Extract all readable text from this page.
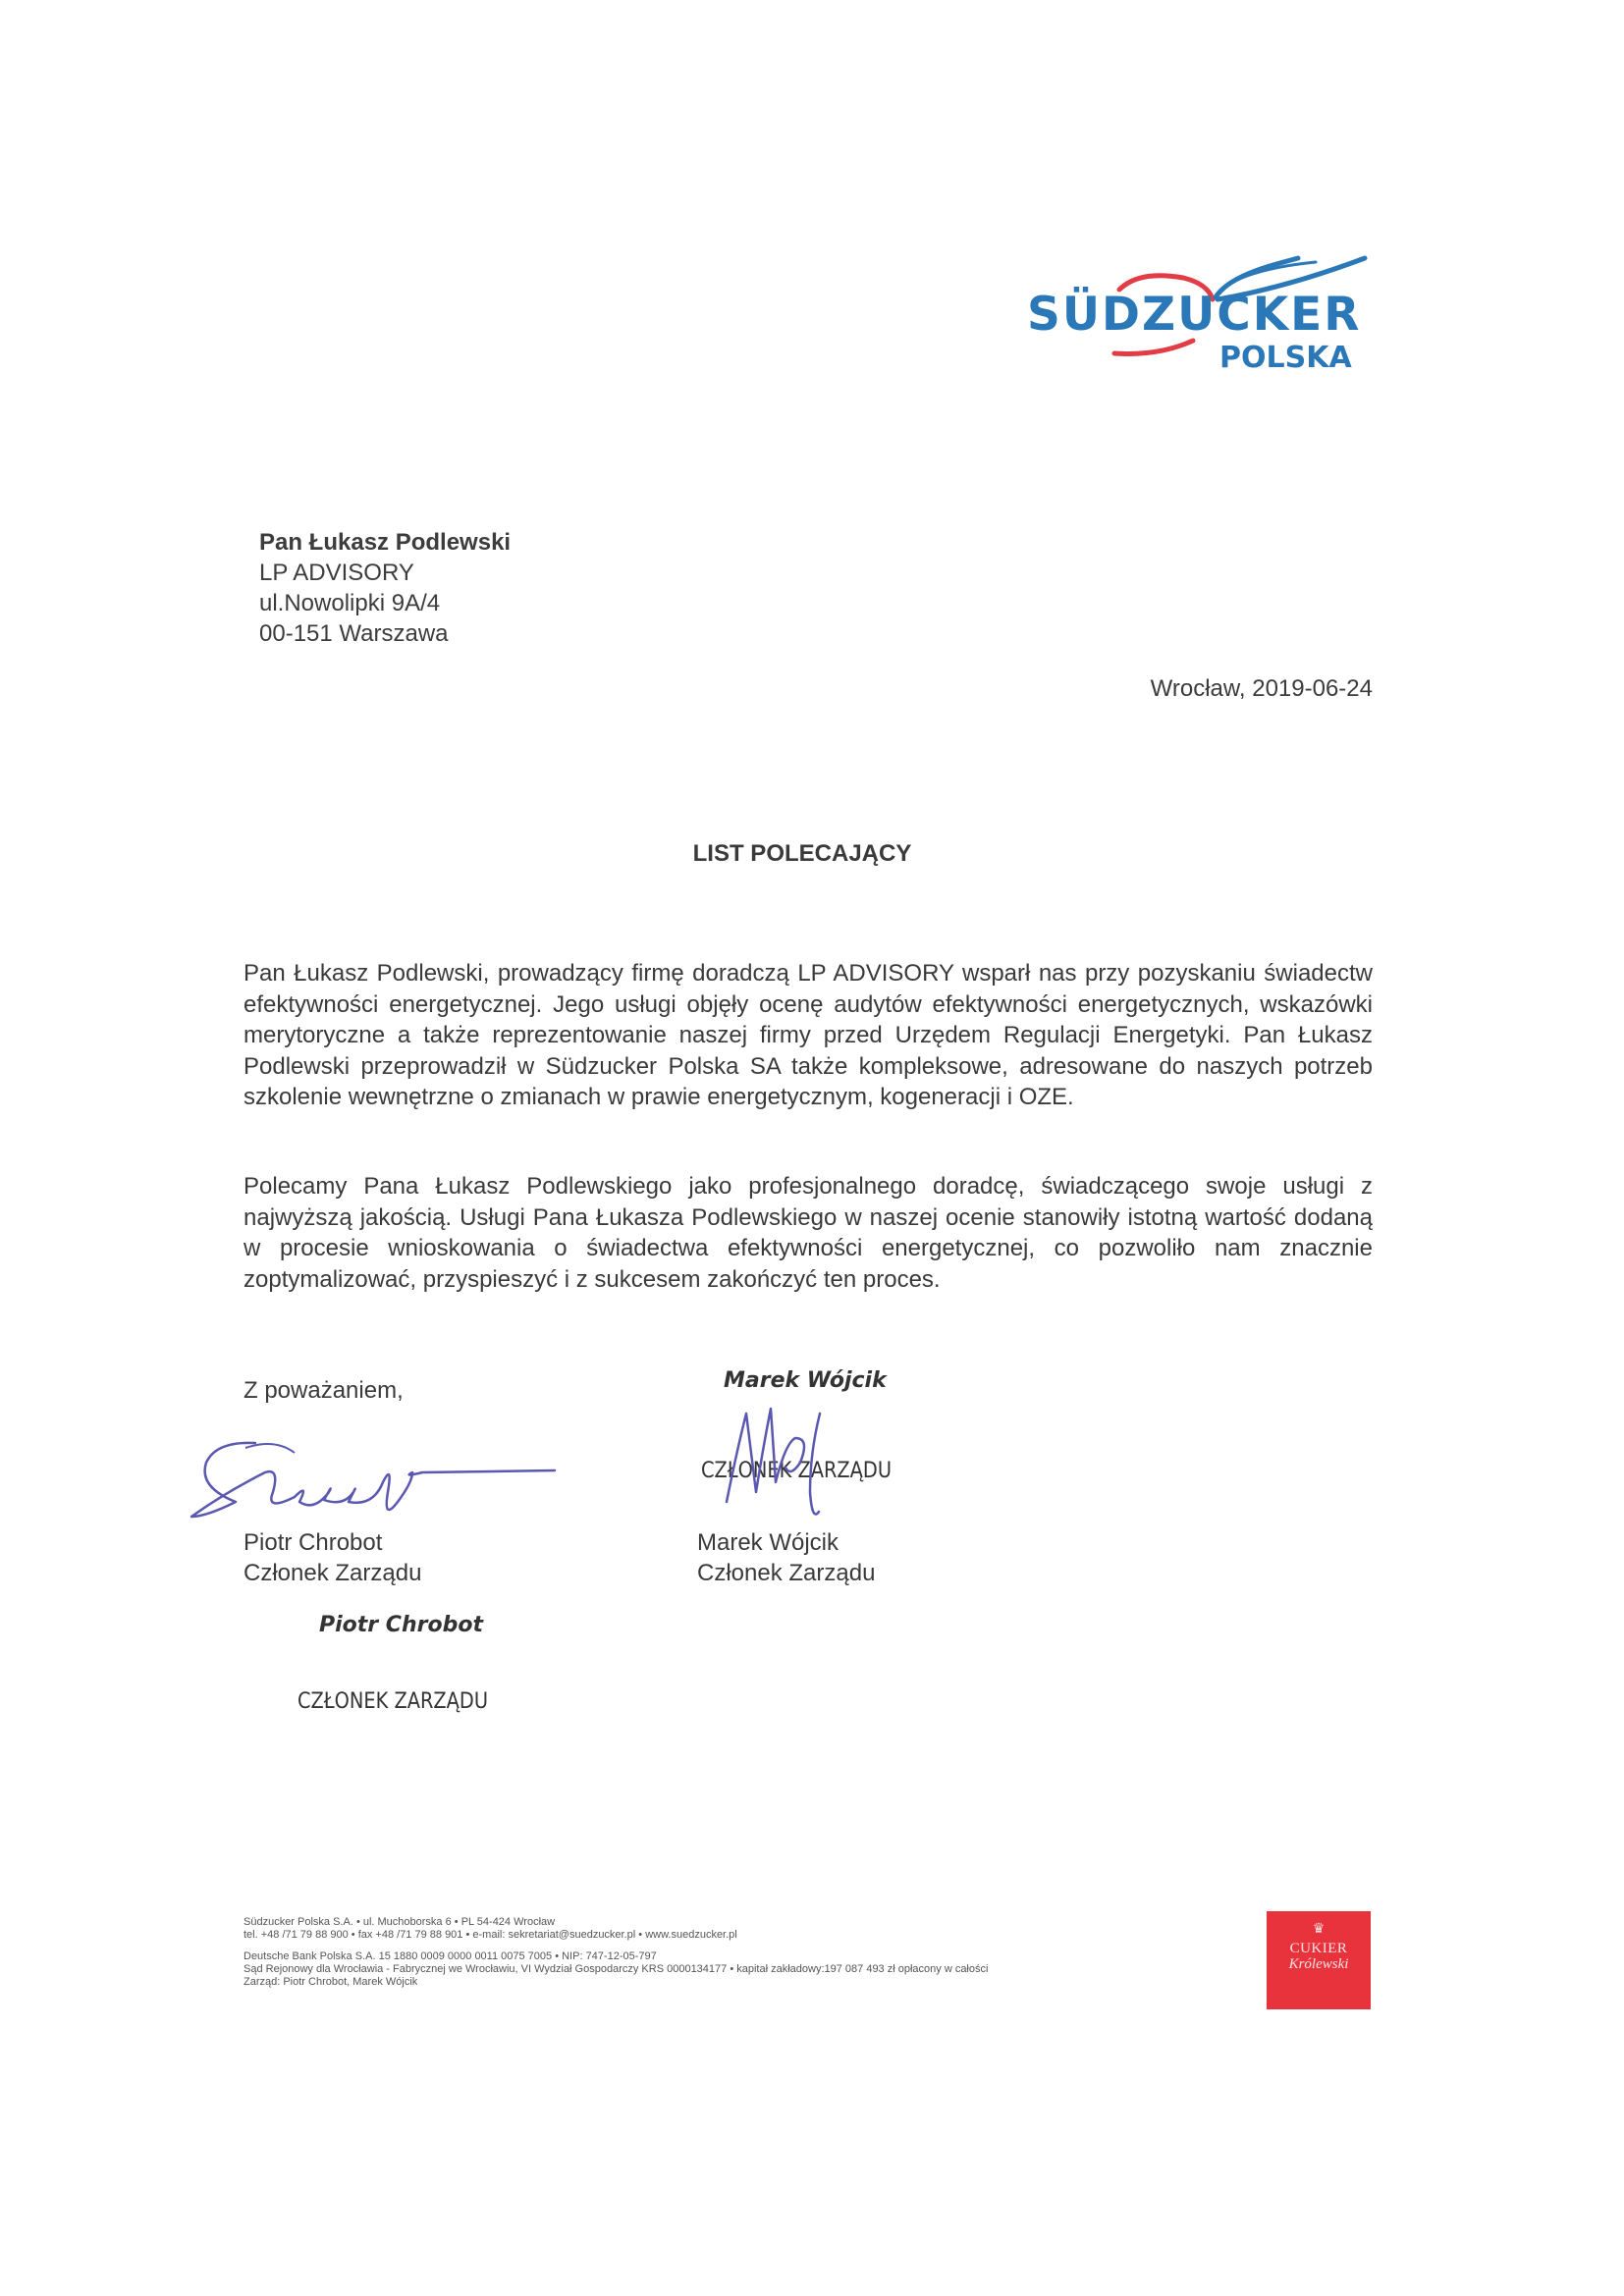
SÜDZUCKER
POLSKA
Pan Łukasz Podlewski
LP ADVISORY
ul.Nowolipki 9A/4
00-151 Warszawa
Wrocław, 2019-06-24
LIST POLECAJĄCY
Pan Łukasz Podlewski, prowadzący firmę doradczą LP ADVISORY wsparł nas przy pozyskaniu świadectw efektywności energetycznej. Jego usługi objęły ocenę audytów efektywności energetycznych, wskazówki merytoryczne a także reprezentowanie naszej firmy przed Urzędem Regulacji Energetyki. Pan Łukasz Podlewski przeprowadził w Südzucker Polska SA także kompleksowe, adresowane do naszych potrzeb szkolenie wewnętrzne o zmianach w prawie energetycznym, kogeneracji i OZE.
Polecamy Pana Łukasz Podlewskiego jako profesjonalnego doradcę, świadczącego swoje usługi z najwyższą jakością. Usługi Pana Łukasza Podlewskiego w naszej ocenie stanowiły istotną wartość dodaną w procesie wnioskowania o świadectwa efektywności energetycznej, co pozwoliło nam znacznie zoptymalizować, przyspieszyć i z sukcesem zakończyć ten proces.
Z poważaniem,
Piotr Chrobot
Członek Zarządu
Piotr Chrobot
CZŁONEK ZARZĄDU
Marek Wójcik
CZŁONEK ZARZĄDU
Marek Wójcik
Członek Zarządu
Südzucker Polska S.A. • ul. Muchoborska 6 • PL 54-424 Wrocław
tel. +48 /71 79 88 900 • fax +48 /71 79 88 901 • e-mail: sekretariat@suedzucker.pl • www.suedzucker.pl
Deutsche Bank Polska S.A. 15 1880 0009 0000 0011 0075 7005 • NIP: 747-12-05-797
Sąd Rejonowy dla Wrocławia - Fabrycznej we Wrocławiu, VI Wydział Gospodarczy KRS 0000134177 • kapitał zakładowy:197 087 493 zł opłacony w całości
Zarząd: Piotr Chrobot, Marek Wójcik
♛
CUKIER
Królewski
